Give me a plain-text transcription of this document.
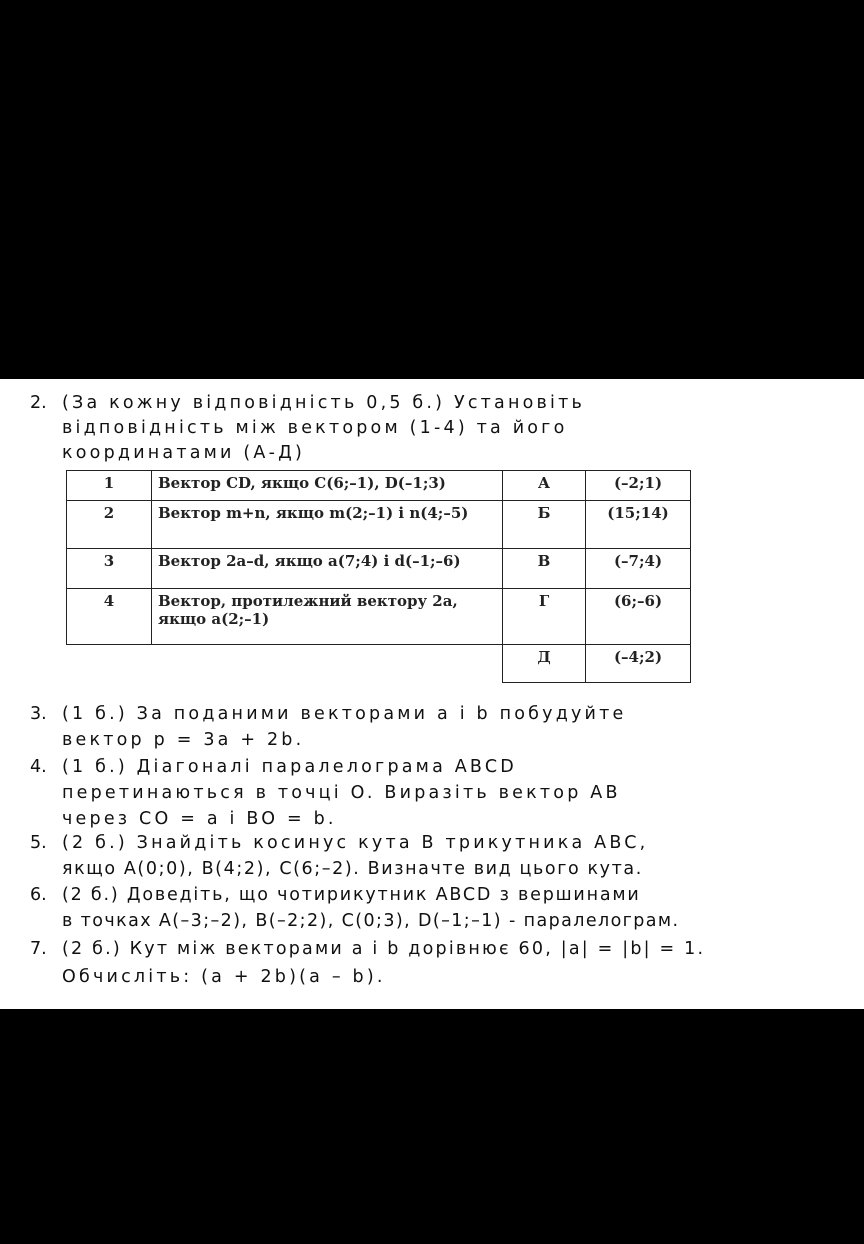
2. (За кожну відповідність 0,5 б.) Установіть
відповідність між вектором (1-4) та його
координатами (А-Д)
1	Вектор CD, якщо C(6;–1), D(–1;3)	А	(–2;1)
2	Вектор m+n, якщо m(2;–1) і n(4;–5)	Б	(15;14)
3	Вектор 2a–d, якщо a(7;4) і d(–1;–6)	В	(–7;4)
4	Вектор, протилежний вектору 2a, якщо a(2;–1)	Г	(6;–6)
		Д	(–4;2)
3. (1 б.) За поданими векторами a і b побудуйте
вектор p = 3a + 2b.
4. (1 б.) Діагоналі паралелограма ABCD
перетинаються в точці O. Виразіть вектор AB
через CO = a і BO = b.
5. (2 б.) Знайдіть косинус кута B трикутника ABC,
якщо A(0;0), B(4;2), C(6;–2). Визначте вид цього кута.
6. (2 б.) Доведіть, що чотирикутник ABCD з вершинами
в точках A(–3;–2), B(–2;2), C(0;3), D(–1;–1) - паралелограм.
7. (2 б.) Кут між векторами a і b дорівнює 60, |a| = |b| = 1.
Обчисліть: (a + 2b)(a – b).
